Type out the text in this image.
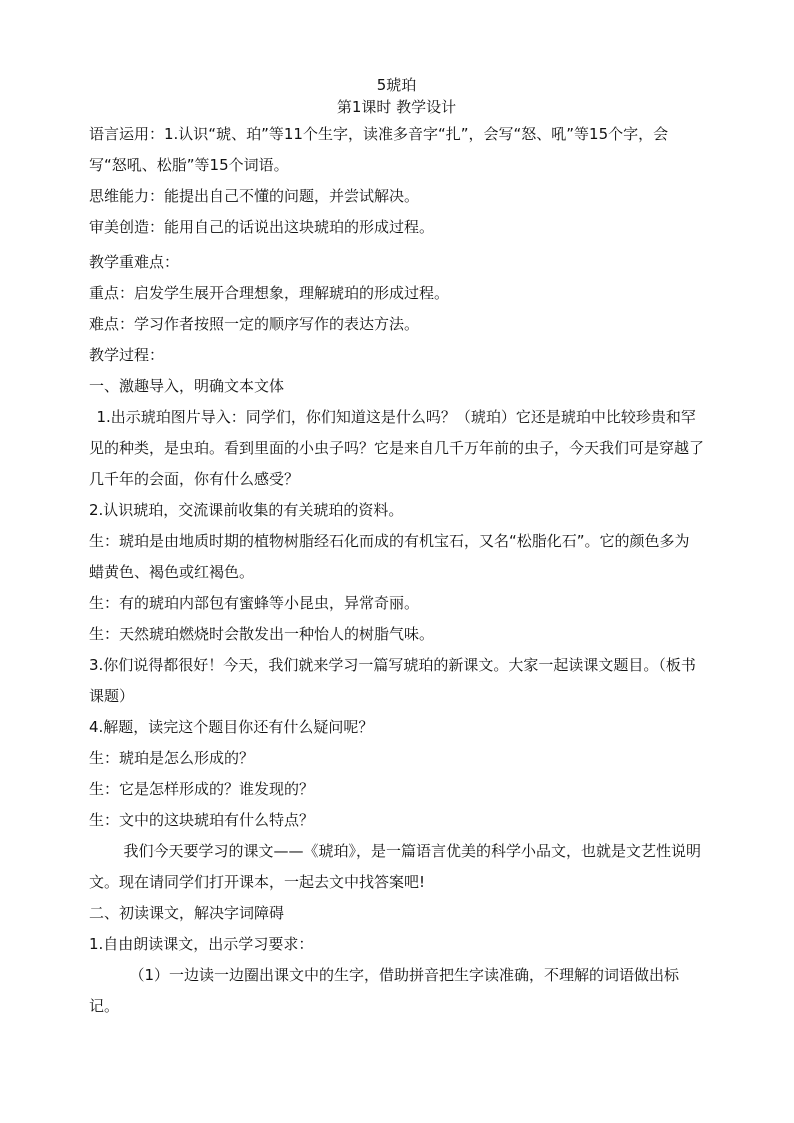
5琥珀

第1课时 教学设计

语言运用：1.认识“琥、珀”等11个生字，读准多音字“扎”，会写“怒、吼”等15个字，会写“怒吼、松脂”等15个词语。

思维能力：能提出自己不懂的问题，并尝试解决。

审美创造：能用自己的话说出这块琥珀的形成过程。

教学重难点：

重点：启发学生展开合理想象，理解琥珀的形成过程。

难点：学习作者按照一定的顺序写作的表达方法。

教学过程：

一、激趣导入，明确文本文体

1.出示琥珀图片导入：同学们，你们知道这是什么吗？（琥珀）它还是琥珀中比较珍贵和罕见的种类，是虫珀。看到里面的小虫子吗？它是来自几千万年前的虫子，今天我们可是穿越了几千年的会面，你有什么感受？

2.认识琥珀，交流课前收集的有关琥珀的资料。

生：琥珀是由地质时期的植物树脂经石化而成的有机宝石，又名“松脂化石”。它的颜色多为蜡黄色、褐色或红褐色。

生：有的琥珀内部包有蜜蜂等小昆虫，异常奇丽。

生：天然琥珀燃烧时会散发出一种怡人的树脂气味。

3.你们说得都很好！今天，我们就来学习一篇写琥珀的新课文。大家一起读课文题目。（板书课题）

4.解题，读完这个题目你还有什么疑问呢？

生：琥珀是怎么形成的？

生：它是怎样形成的？谁发现的？

生：文中的这块琥珀有什么特点？

我们今天要学习的课文——《琥珀》，是一篇语言优美的科学小品文，也就是文艺性说明文。现在请同学们打开课本，一起去文中找答案吧!

二、初读课文，解决字词障碍

1.自由朗读课文，出示学习要求：

（1）一边读一边圈出课文中的生字，借助拼音把生字读准确，不理解的词语做出标记。
